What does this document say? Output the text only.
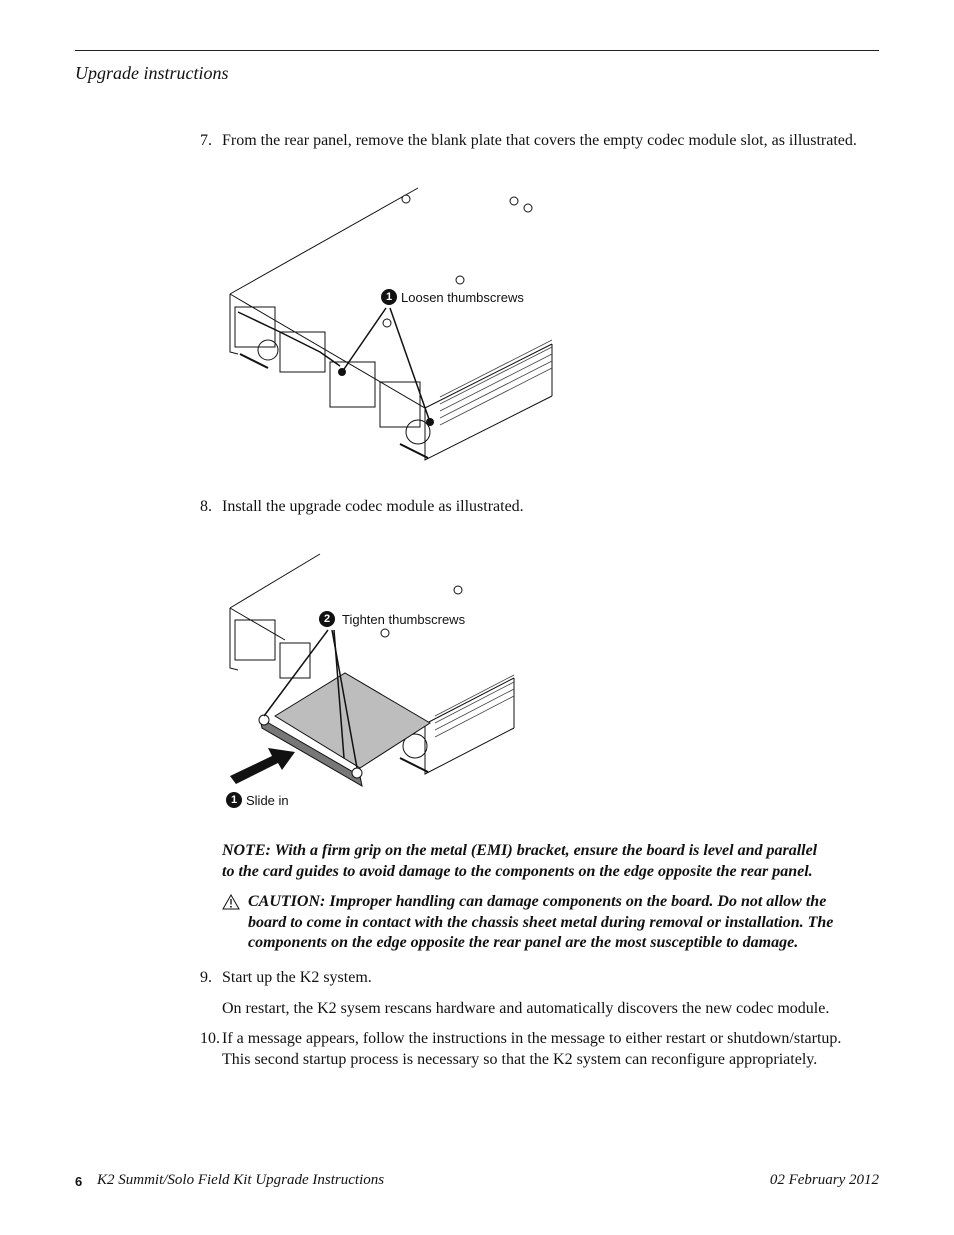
Upgrade instructions
7. From the rear panel, remove the blank plate that covers the empty codec module slot, as illustrated.
1 Loosen thumbscrews
8. Install the upgrade codec module as illustrated.
2 Tighten thumbscrews
1 Slide in
NOTE: With a firm grip on the metal (EMI) bracket, ensure the board is level and parallel
to the card guides to avoid damage to the components on the edge opposite the rear panel.
CAUTION: Improper handling can damage components on the board. Do not allow the
board to come in contact with the chassis sheet metal during removal or installation. The
components on the edge opposite the rear panel are the most susceptible to damage.
9. Start up the K2 system.
On restart, the K2 sysem rescans hardware and automatically discovers the new codec module.
10. If a message appears, follow the instructions in the message to either restart or shutdown/startup.
This second startup process is necessary so that the K2 system can reconfigure appropriately.
6 K2 Summit/Solo Field Kit Upgrade Instructions	02 February 2012
